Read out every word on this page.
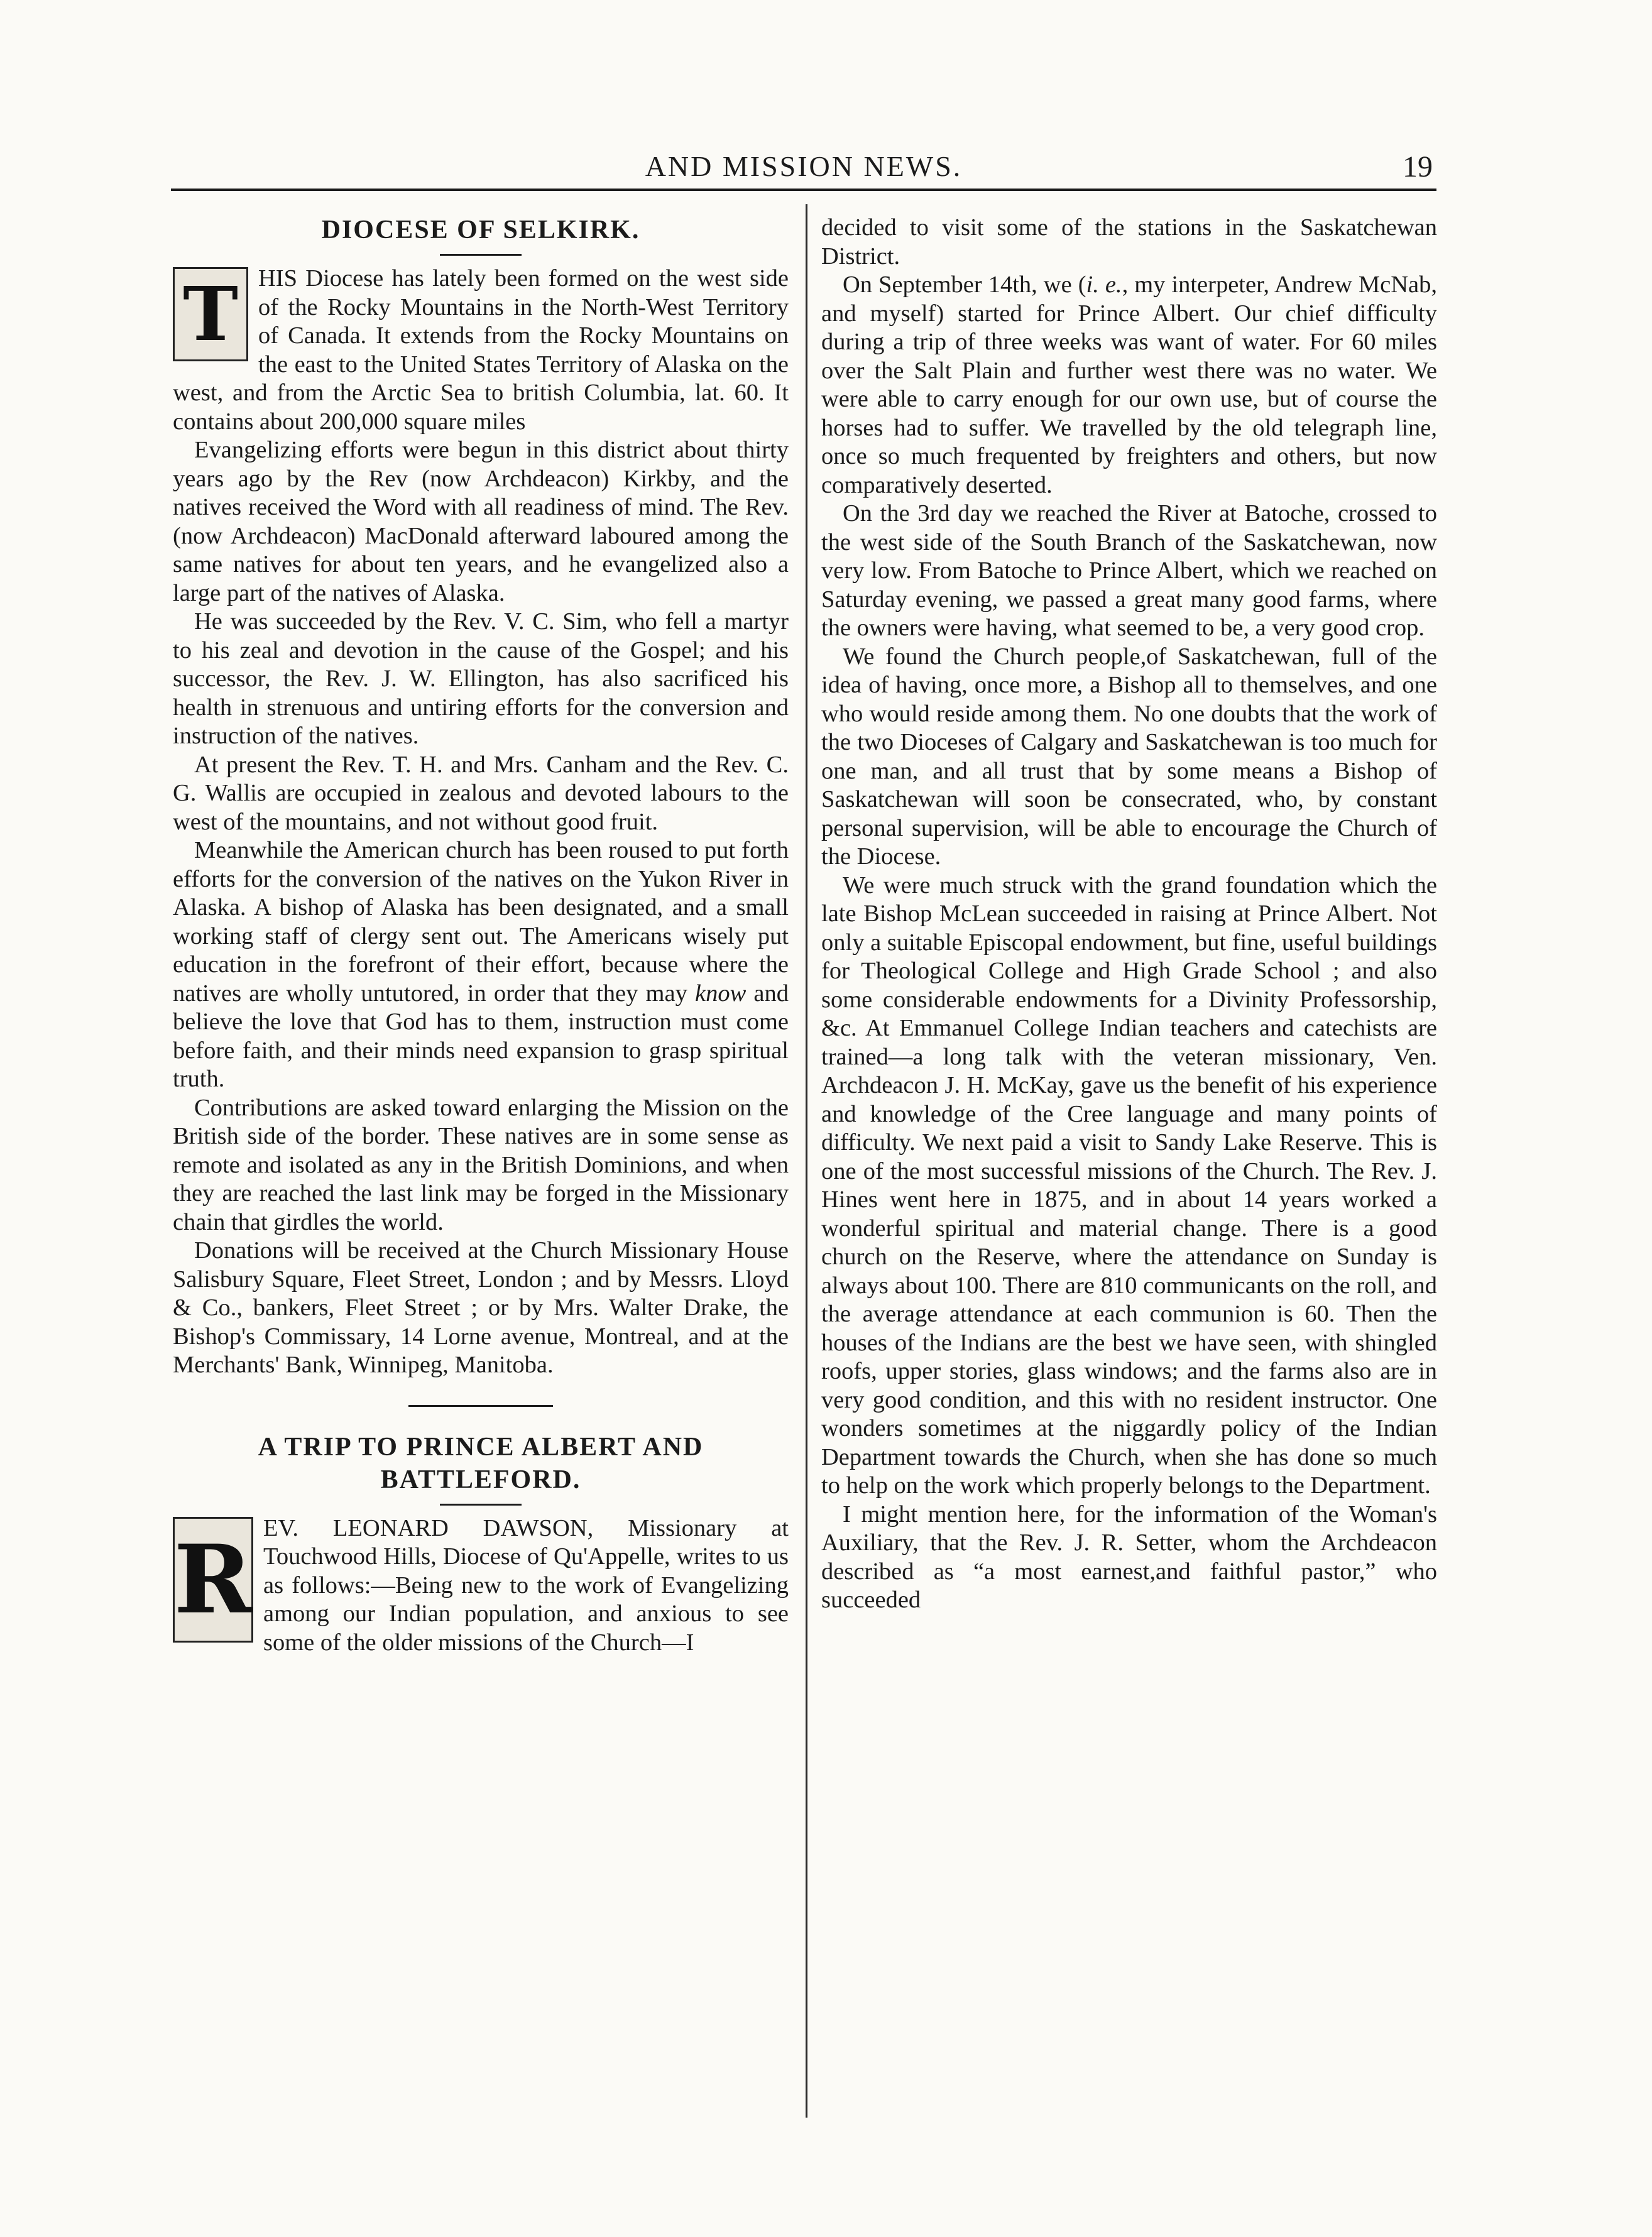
AND MISSION NEWS.	19
DIOCESE OF SELKIRK.

T HIS Diocese has lately been formed on the west side of the Rocky Mountains in the North-West Territory of Canada. It extends from the Rocky Mountains on the east to the United States Territory of Alaska on the west, and from the Arctic Sea to british Columbia, lat. 60. It contains about 200,000 square miles

Evangelizing efforts were begun in this district about thirty years ago by the Rev (now Archdeacon) Kirkby, and the natives received the Word with all readiness of mind. The Rev. (now Archdeacon) MacDonald afterward laboured among the same natives for about ten years, and he evangelized also a large part of the natives of Alaska.

He was succeeded by the Rev. V. C. Sim, who fell a martyr to his zeal and devotion in the cause of the Gospel; and his successor, the Rev. J. W. Ellington, has also sacrificed his health in strenuous and untiring efforts for the conversion and instruction of the natives.

At present the Rev. T. H. and Mrs. Canham and the Rev. C. G. Wallis are occupied in zealous and devoted labours to the west of the mountains, and not without good fruit.

Meanwhile the American church has been roused to put forth efforts for the conversion of the natives on the Yukon River in Alaska. A bishop of Alaska has been designated, and a small working staff of clergy sent out. The Americans wisely put education in the forefront of their effort, because where the natives are wholly untutored, in order that they may know and believe the love that God has to them, instruction must come before faith, and their minds need expansion to grasp spiritual truth.

Contributions are asked toward enlarging the Mission on the British side of the border. These natives are in some sense as remote and isolated as any in the British Dominions, and when they are reached the last link may be forged in the Missionary chain that girdles the world.

Donations will be received at the Church Missionary House Salisbury Square, Fleet Street, London ; and by Messrs. Lloyd & Co., bankers, Fleet Street ; or by Mrs. Walter Drake, the Bishop's Commissary, 14 Lorne avenue, Montreal, and at the Merchants' Bank, Winnipeg, Manitoba.

A TRIP TO PRINCE ALBERT AND
BATTLEFORD.

R EV. LEONARD DAWSON, Missionary at Touchwood Hills, Diocese of Qu'Appelle, writes to us as follows:—Being new to the work of Evangelizing among our Indian population, and anxious to see some of the older missions of the Church—I

decided to visit some of the stations in the Saskatchewan District.

On September 14th, we (i. e., my interpeter, Andrew McNab, and myself) started for Prince Albert. Our chief difficulty during a trip of three weeks was want of water. For 60 miles over the Salt Plain and further west there was no water. We were able to carry enough for our own use, but of course the horses had to suffer. We travelled by the old telegraph line, once so much frequented by freighters and others, but now comparatively deserted.

On the 3rd day we reached the River at Batoche, crossed to the west side of the South Branch of the Saskatchewan, now very low. From Batoche to Prince Albert, which we reached on Saturday evening, we passed a great many good farms, where the owners were having, what seemed to be, a very good crop.

We found the Church people,of Saskatchewan, full of the idea of having, once more, a Bishop all to themselves, and one who would reside among them. No one doubts that the work of the two Dioceses of Calgary and Saskatchewan is too much for one man, and all trust that by some means a Bishop of Saskatchewan will soon be consecrated, who, by constant personal supervision, will be able to encourage the Church of the Diocese.

We were much struck with the grand foundation which the late Bishop McLean succeeded in raising at Prince Albert. Not only a suitable Episcopal endowment, but fine, useful buildings for Theological College and High Grade School ; and also some considerable endowments for a Divinity Professorship, &c. At Emmanuel College Indian teachers and catechists are trained—a long talk with the veteran missionary, Ven. Archdeacon J. H. McKay, gave us the benefit of his experience and knowledge of the Cree language and many points of difficulty. We next paid a visit to Sandy Lake Reserve. This is one of the most successful missions of the Church. The Rev. J. Hines went here in 1875, and in about 14 years worked a wonderful spiritual and material change. There is a good church on the Reserve, where the attendance on Sunday is always about 100. There are 810 communicants on the roll, and the average attendance at each communion is 60. Then the houses of the Indians are the best we have seen, with shingled roofs, upper stories, glass windows; and the farms also are in very good condition, and this with no resident instructor. One wonders sometimes at the niggardly policy of the Indian Department towards the Church, when she has done so much to help on the work which properly belongs to the Department.

I might mention here, for the information of the Woman's Auxiliary, that the Rev. J. R. Setter, whom the Archdeacon described as “a most earnest,and faithful pastor,” who succeeded
